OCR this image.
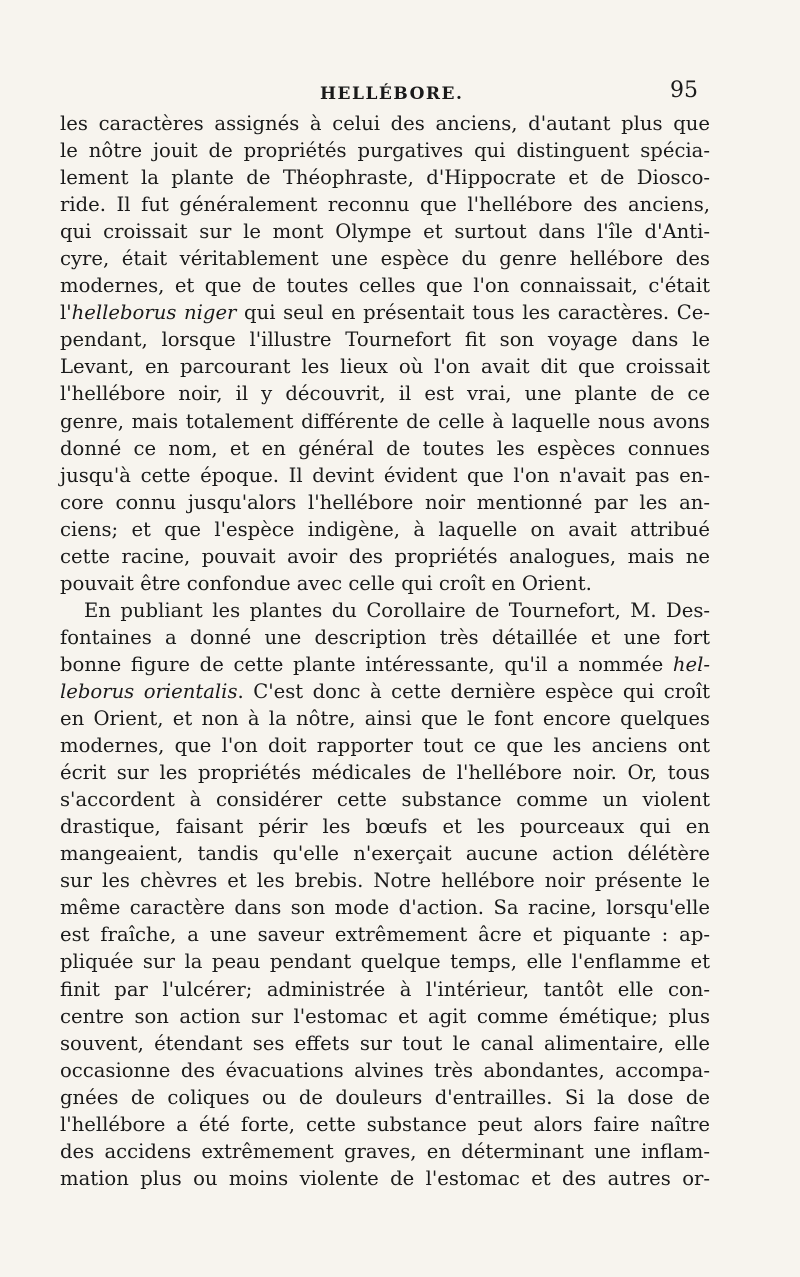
HELLÉBORE.	95
les caractères assignés à celui des anciens, d'autant plus que
le nôtre jouit de propriétés purgatives qui distinguent spécia-
lement la plante de Théophraste, d'Hippocrate et de Diosco-
ride. Il fut généralement reconnu que l'hellébore des anciens,
qui croissait sur le mont Olympe et surtout dans l'île d'Anti-
cyre, était véritablement une espèce du genre hellébore des
modernes, et que de toutes celles que l'on connaissait, c'était
l'helleborus niger qui seul en présentait tous les caractères. Ce-
pendant, lorsque l'illustre Tournefort fit son voyage dans le
Levant, en parcourant les lieux où l'on avait dit que croissait
l'hellébore noir, il y découvrit, il est vrai, une plante de ce
genre, mais totalement différente de celle à laquelle nous avons
donné ce nom, et en général de toutes les espèces connues
jusqu'à cette époque. Il devint évident que l'on n'avait pas en-
core connu jusqu'alors l'hellébore noir mentionné par les an-
ciens; et que l'espèce indigène, à laquelle on avait attribué
cette racine, pouvait avoir des propriétés analogues, mais ne
pouvait être confondue avec celle qui croît en Orient.
En publiant les plantes du Corollaire de Tournefort, M. Des-
fontaines a donné une description très détaillée et une fort
bonne figure de cette plante intéressante, qu'il a nommée hel-
leborus orientalis. C'est donc à cette dernière espèce qui croît
en Orient, et non à la nôtre, ainsi que le font encore quelques
modernes, que l'on doit rapporter tout ce que les anciens ont
écrit sur les propriétés médicales de l'hellébore noir. Or, tous
s'accordent à considérer cette substance comme un violent
drastique, faisant périr les bœufs et les pourceaux qui en
mangeaient, tandis qu'elle n'exerçait aucune action délétère
sur les chèvres et les brebis. Notre hellébore noir présente le
même caractère dans son mode d'action. Sa racine, lorsqu'elle
est fraîche, a une saveur extrêmement âcre et piquante : ap-
pliquée sur la peau pendant quelque temps, elle l'enflamme et
finit par l'ulcérer; administrée à l'intérieur, tantôt elle con-
centre son action sur l'estomac et agit comme émétique; plus
souvent, étendant ses effets sur tout le canal alimentaire, elle
occasionne des évacuations alvines très abondantes, accompa-
gnées de coliques ou de douleurs d'entrailles. Si la dose de
l'hellébore a été forte, cette substance peut alors faire naître
des accidens extrêmement graves, en déterminant une inflam-
mation plus ou moins violente de l'estomac et des autres or-
